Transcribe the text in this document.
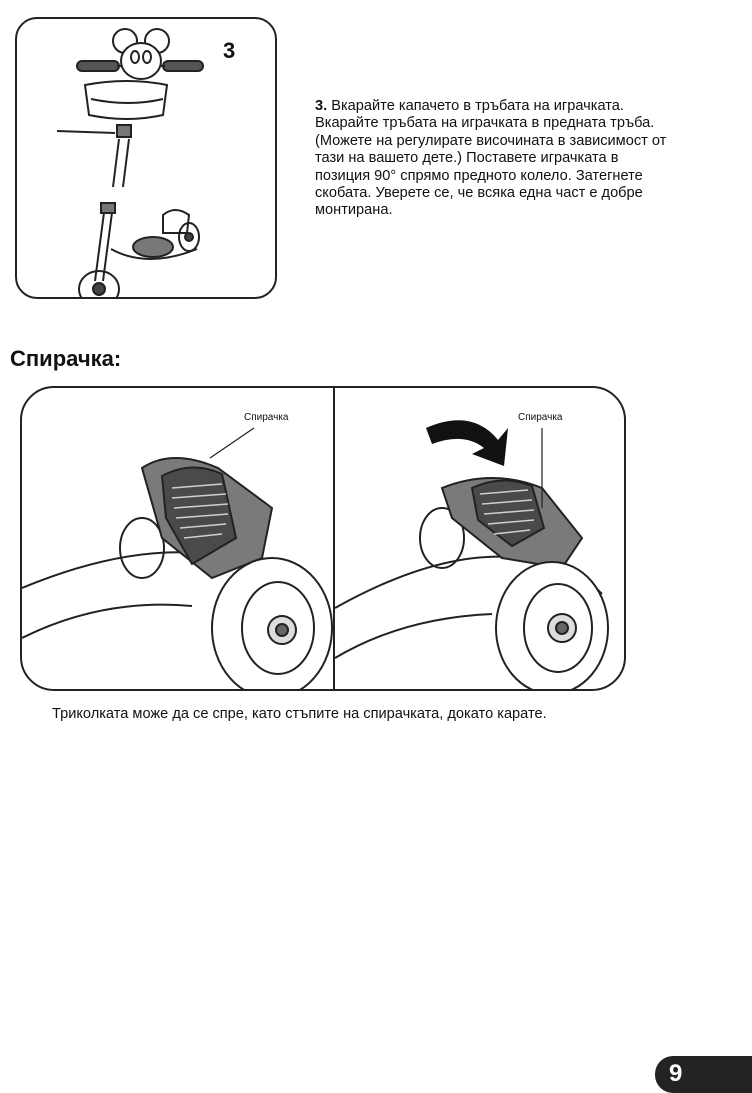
3

3. Вкарайте капачето в тръбата на играчката. Вкарайте тръбата на играчката в предната тръба. (Можете на регулирате височината в зависимост от тази на вашето дете.) Поставете играчката в позиция 90° спрямо предното колело. Затегнете скобата. Уверете се, че всяка една част е добре монтирана.

Спирачка:
Спирачка	Спирачка

Триколката може да се спре, като стъпите на спирачката, докато карате.

9
